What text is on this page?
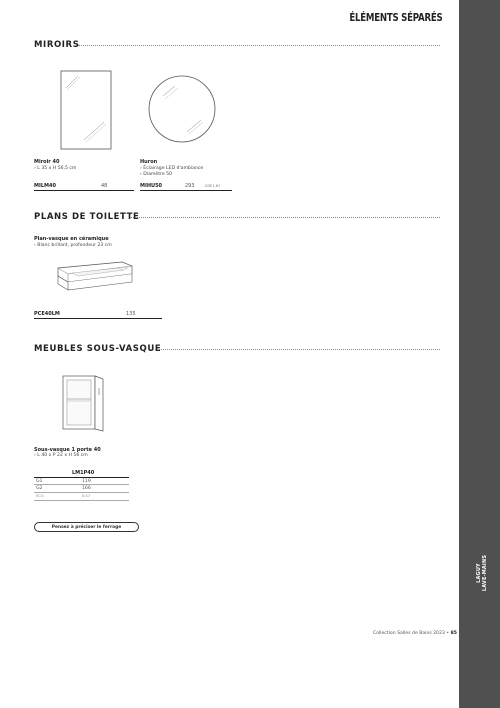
LAGUY LAVE-MAINS
ÉLÉMENTS SÉPARÉS
MIROIRS
Miroir 40
› L 35 x H 56,5 cm
MILM40	48
Huron
› Éclairage LED d'ambiance
› Diamètre 50
MIHU50	293	D3E1,67
PLANS DE TOILETTE
Plan-vasque en céramique
› Blanc brillant, profondeur 23 cm
PCE40LM	135
MEUBLES SOUS-VASQUE
Sous-vasque 1 porte 40
› L 40 x P 22 x H 56 cm
LM1P40
G1	119
G2	166
ECO	0,47
Pensez à préciser le ferrage
Collection Salles de Bains 2023 • 85
